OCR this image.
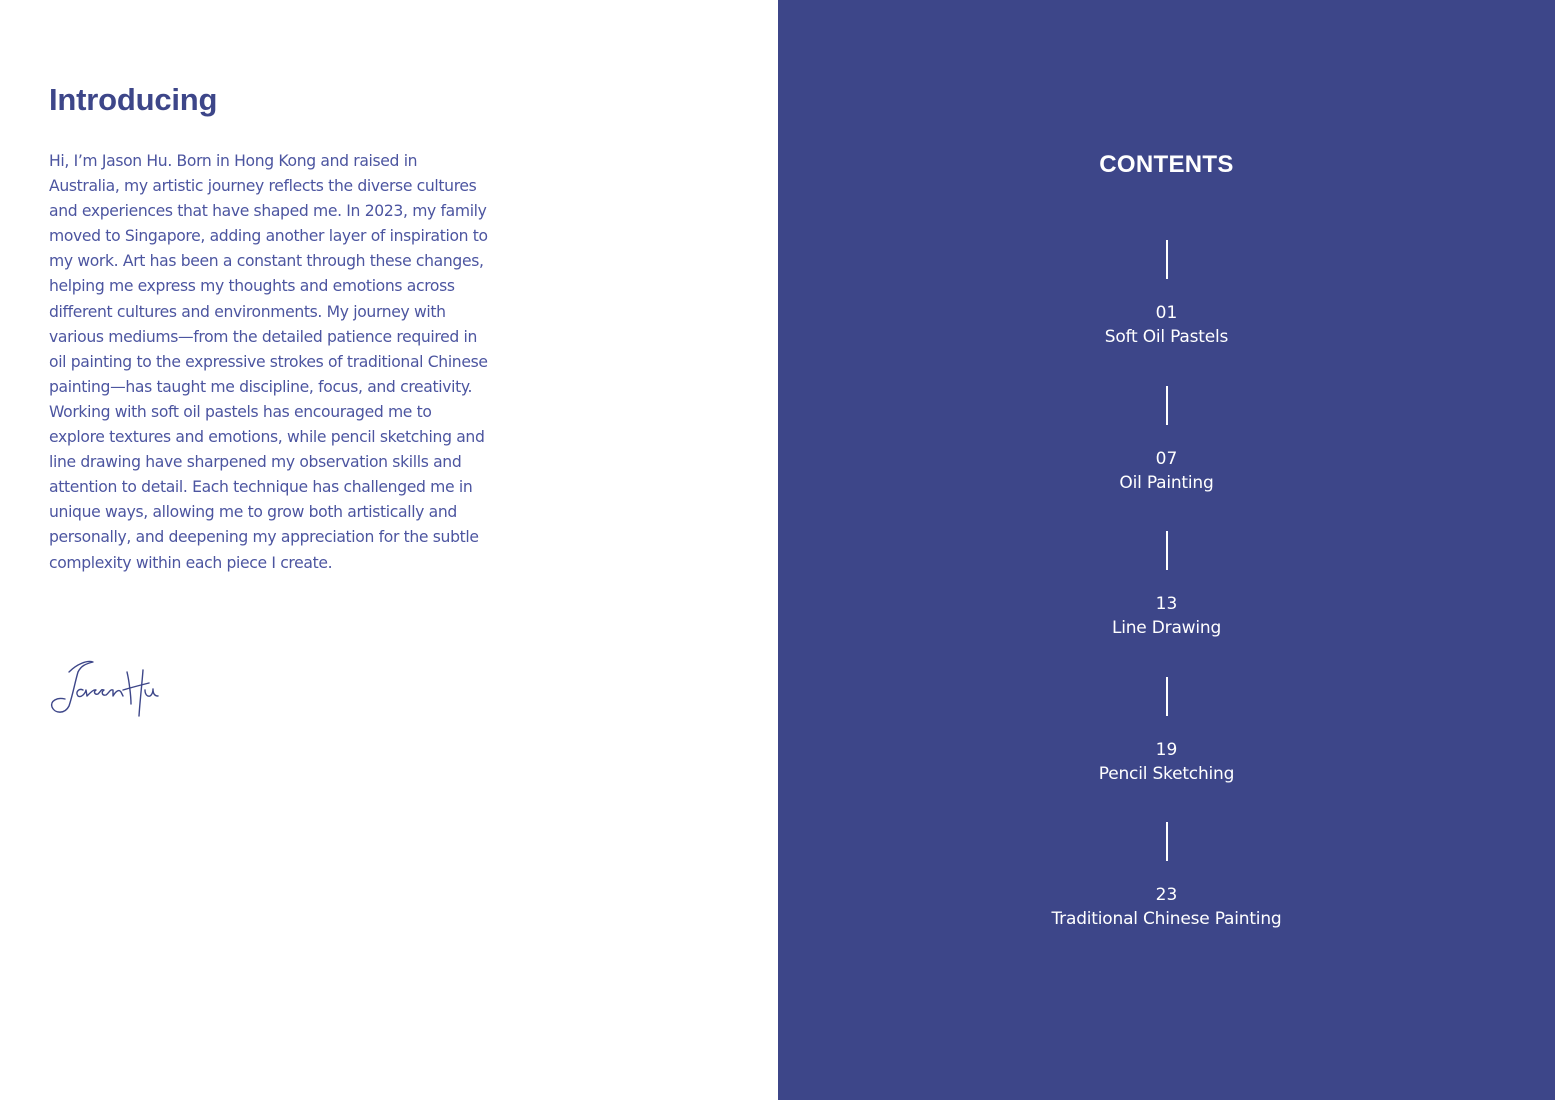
Introducing

Hi, I’m Jason Hu. Born in Hong Kong and raised in Australia, my artistic journey reflects the diverse cultures and experiences that have shaped me. In 2023, my family moved to Singapore, adding another layer of inspiration to my work. Art has been a constant through these changes, helping me express my thoughts and emotions across different cultures and environments. My journey with various mediums—from the detailed patience required in oil painting to the expressive strokes of traditional Chinese painting—has taught me discipline, focus, and creativity. Working with soft oil pastels has encouraged me to explore textures and emotions, while pencil sketching and line drawing have sharpened my observation skills and attention to detail. Each technique has challenged me in unique ways, allowing me to grow both artistically and personally, and deepening my appreciation for the subtle complexity within each piece I create.

CONTENTS
01
Soft Oil Pastels
07
Oil Painting
13
Line Drawing
19
Pencil Sketching
23
Traditional Chinese Painting
